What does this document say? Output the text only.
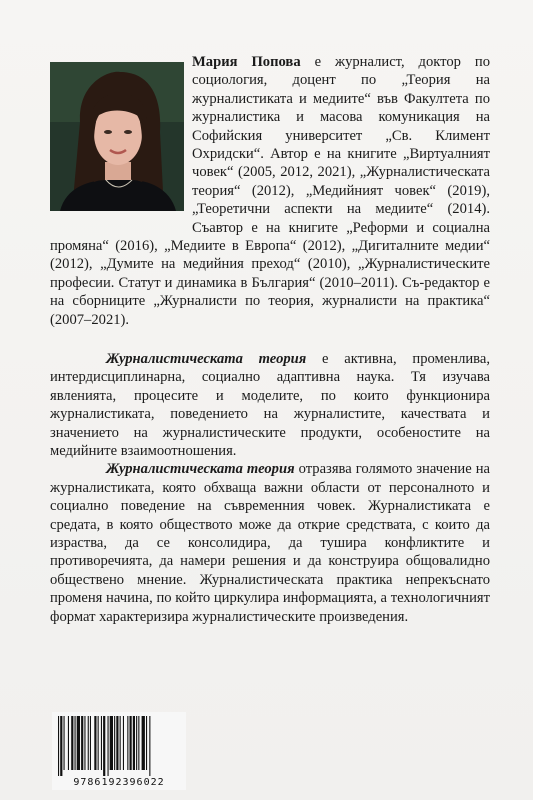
Мария Попова е журналист, доктор по социология, доцент по „Теория на журналистиката и медиите“ във Факултета по журналистика и масова комуникация на Софийския университет „Св. Климент Охридски“. Автор е на книгите „Виртуалният човек“ (2005, 2012, 2021), „Журналистическата теория“ (2012), „Медийният човек“ (2019), „Теоретични аспекти на медиите“ (2014). Съавтор е на книгите „Реформи и социална промяна“ (2016), „Медиите в Европа“ (2012), „Дигиталните медии“ (2012), „Думите на медийния преход“ (2010), „Журналистическите професии. Статут и динамика в България“ (2010–2011). Съ-редактор е на сборниците „Журналисти по теория, журналисти на практика“ (2007–2021).

Журналистическата теория е активна, променлива, интердисциплинарна, социално адаптивна наука. Тя изучава явленията, процесите и моделите, по които функционира журналистиката, поведението на журналистите, качествата и значението на журналистическите продукти, особеностите на медийните взаимоотношения.

Журналистическата теория отразява голямото значение на журналистиката, която обхваща важни области от персоналното и социално поведение на съвременния човек. Журналистиката е средата, в която обществото може да открие средствата, с които да израства, да се консолидира, да тушира конфликтите и противоречията, да намери решения и да конструира общовалидно обществено мнение. Журналистическата практика непрекъснато променя начина, по който циркулира информацията, а технологичният формат характеризира журналистическите произведения.

9786192396022
